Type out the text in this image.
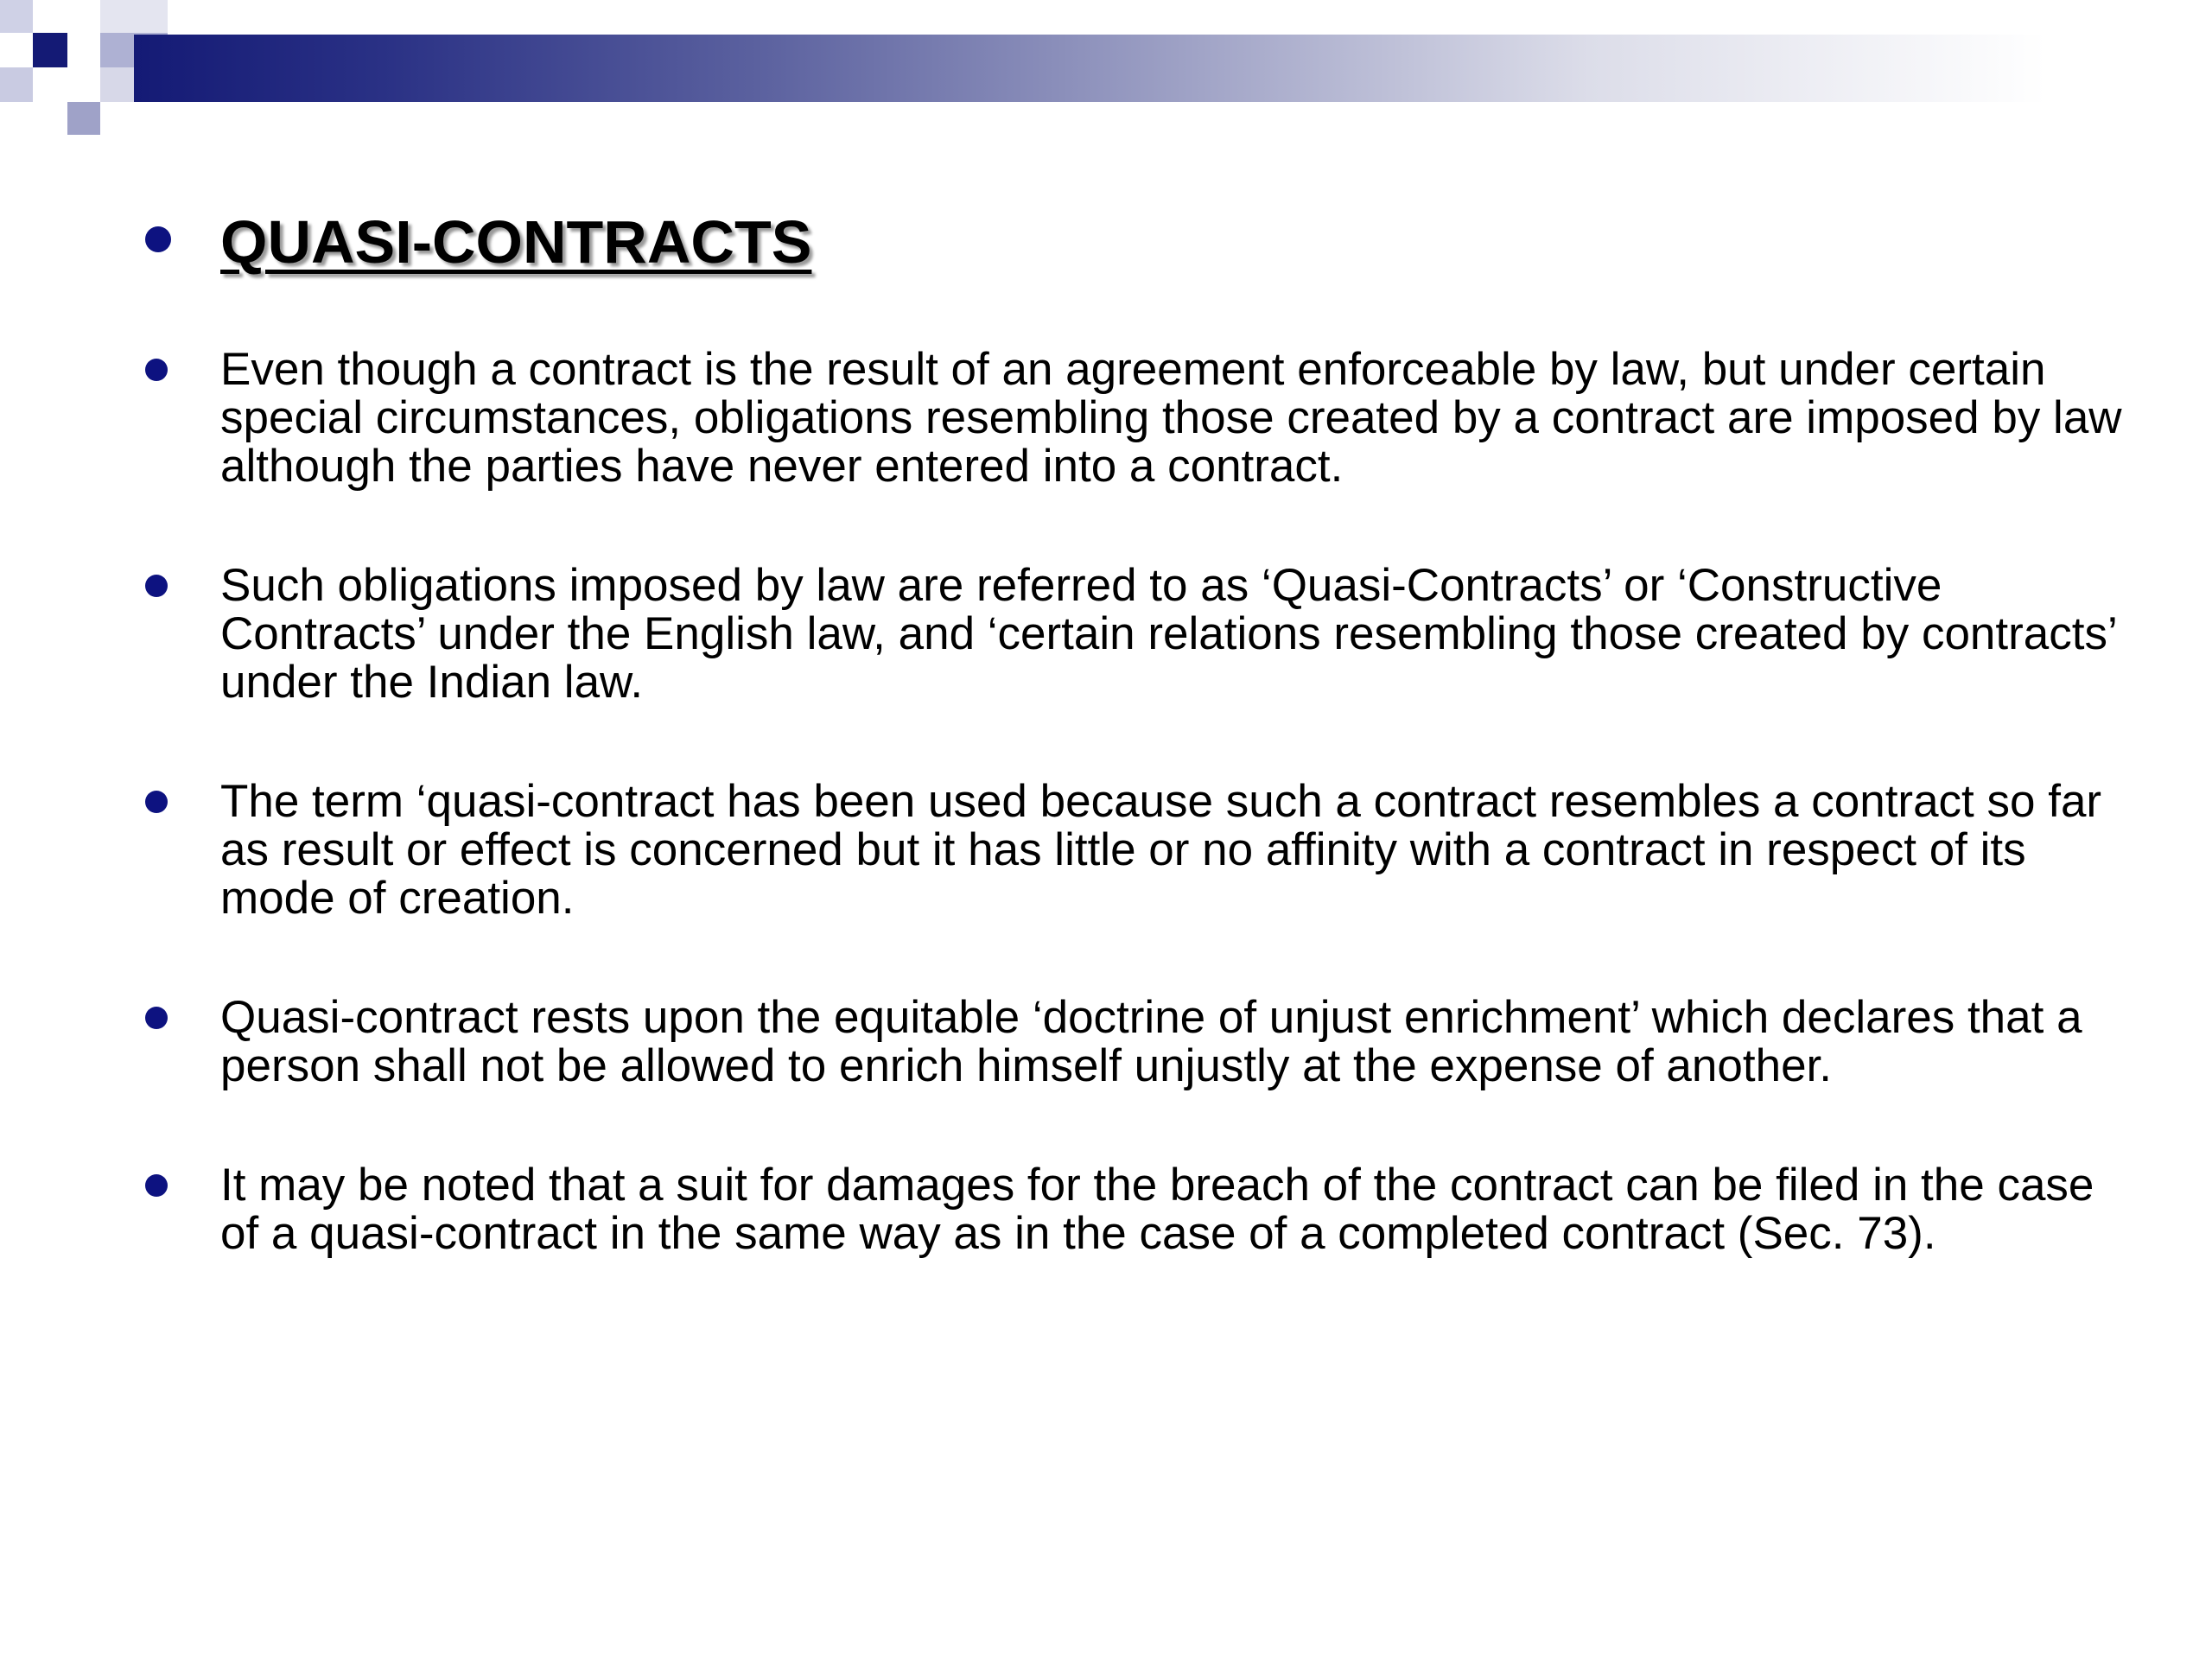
QUASI-CONTRACTS
Even though a contract is the result of an agreement enforceable by law, but under certain special circumstances, obligations resembling those created by a contract are imposed by law although the parties have never entered into a contract.
Such obligations imposed by law are referred to as ‘Quasi-Contracts’ or ‘Constructive Contracts’ under the English law, and ‘certain relations resembling those created by contracts’ under the Indian law.
The term ‘quasi-contract has been used because such a contract resembles a contract so far as result or effect is concerned but it has little or no affinity with a contract in respect of its mode of creation.
Quasi-contract rests upon the equitable ‘doctrine of unjust enrichment’ which declares that a person shall not be allowed to enrich himself unjustly at the expense of another.
It may be noted that a suit for damages for the breach of the contract can be filed in the case of a quasi-contract in the same way as in the case of a completed contract (Sec. 73).
